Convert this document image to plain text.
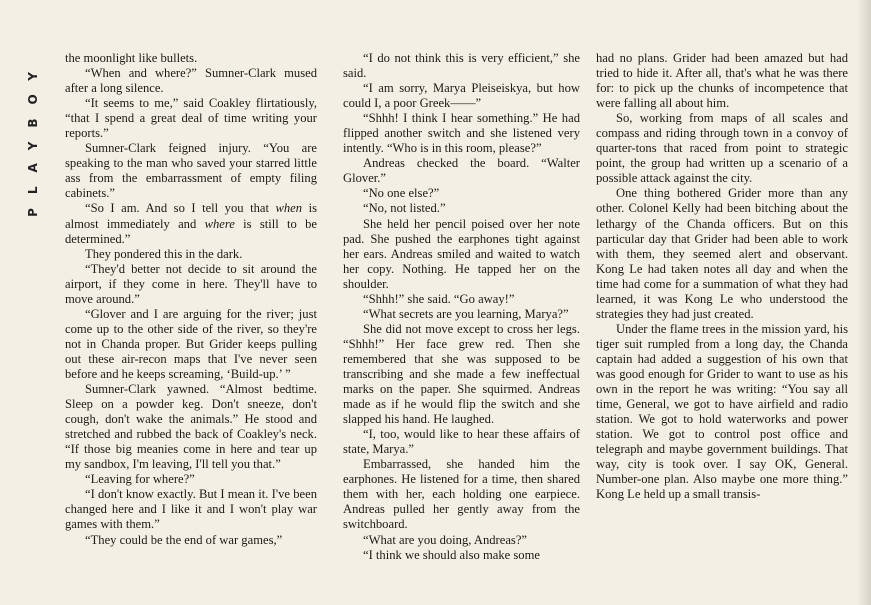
PLAYBOY the moonlight like bullets.

“When and where?” Sumner-Clark mused after a long silence.

“It seems to me,” said Coakley flirtatiously, “that I spend a great deal of time writing your reports.”

Sumner-Clark feigned injury. “You are speaking to the man who saved your starred little ass from the embarrassment of empty filing cabinets.”

“So I am. And so I tell you that when is almost immediately and where is still to be determined.”

They pondered this in the dark.

“They'd better not decide to sit around the airport, if they come in here. They'll have to move around.”

“Glover and I are arguing for the river; just come up to the other side of the river, so they're not in Chanda proper. But Grider keeps pulling out these air-recon maps that I've never seen before and he keeps screaming, ‘Build-up.’ ”

Sumner-Clark yawned. “Almost bedtime. Sleep on a powder keg. Don't sneeze, don't cough, don't wake the animals.” He stood and stretched and rubbed the back of Coakley's neck. “If those big meanies come in here and tear up my sandbox, I'm leaving, I'll tell you that.”

“Leaving for where?”

“I don't know exactly. But I mean it. I've been changed here and I like it and I won't play war games with them.”

“They could be the end of war games,”

“I do not think this is very efficient,” she said.

“I am sorry, Marya Pleiseiskya, but how could I, a poor Greek——”

“Shhh! I think I hear something.” He had flipped another switch and she listened very intently. “Who is in this room, please?”

Andreas checked the board. “Walter Glover.”

“No one else?”

“No, not listed.”

She held her pencil poised over her note pad. She pushed the earphones tight against her ears. Andreas smiled and waited to watch her copy. Nothing. He tapped her on the shoulder.

“Shhh!” she said. “Go away!”

“What secrets are you learning, Marya?”

She did not move except to cross her legs. “Shhh!” Her face grew red. Then she remembered that she was supposed to be transcribing and she made a few ineffectual marks on the paper. She squirmed. Andreas made as if he would flip the switch and she slapped his hand. He laughed.

“I, too, would like to hear these affairs of state, Marya.”

Embarrassed, she handed him the earphones. He listened for a time, then shared them with her, each holding one earpiece. Andreas pulled her gently away from the switchboard.

“What are you doing, Andreas?”

“I think we should also make some

had no plans. Grider had been amazed but had tried to hide it. After all, that's what he was there for: to pick up the chunks of incompetence that were falling all about him.

So, working from maps of all scales and compass and riding through town in a convoy of quarter-tons that raced from point to strategic point, the group had written up a scenario of a possible attack against the city.

One thing bothered Grider more than any other. Colonel Kelly had been bitching about the lethargy of the Chanda officers. But on this particular day that Grider had been able to work with them, they seemed alert and observant. Kong Le had taken notes all day and when the time had come for a summation of what they had learned, it was Kong Le who understood the strategies they had just created.

Under the flame trees in the mission yard, his tiger suit rumpled from a long day, the Chanda captain had added a suggestion of his own that was good enough for Grider to want to use as his own in the report he was writing: “You say all time, General, we got to have airfield and radio station. We got to hold waterworks and power station. We got to control post office and telegraph and maybe government buildings. That way, city is took over. I say OK, General. Number-one plan. Also maybe one more thing.” Kong Le held up a small transis-
